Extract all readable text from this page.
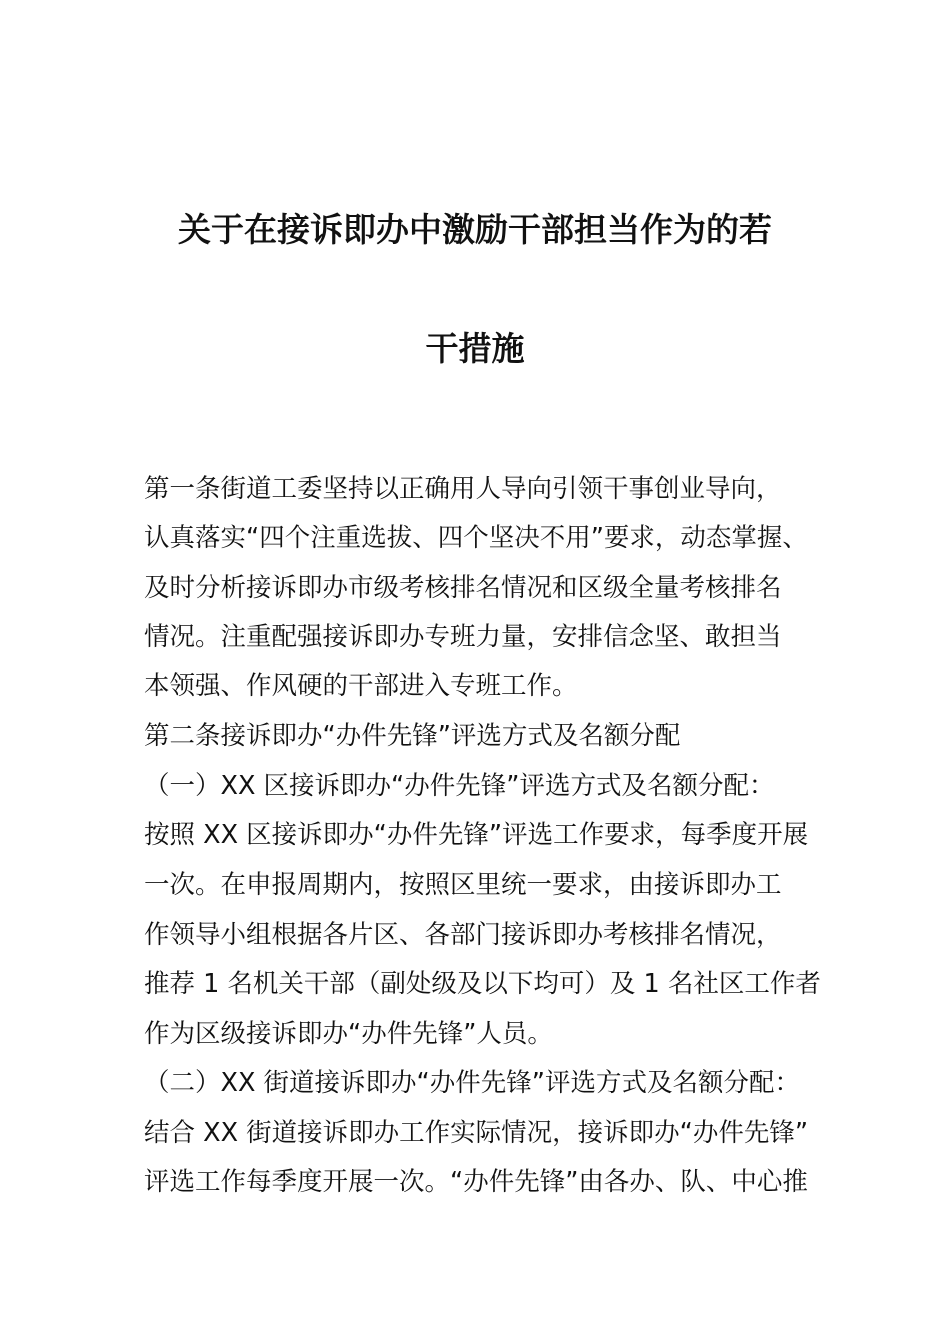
关于在接诉即办中激励干部担当作为的若
干措施
第一条街道工委坚持以正确用人导向引领干事创业导向，
认真落实“四个注重选拔、四个坚决不用”要求，动态掌握、
及时分析接诉即办市级考核排名情况和区级全量考核排名
情况。注重配强接诉即办专班力量，安排信念坚、敢担当
本领强、作风硬的干部进入专班工作。
第二条接诉即办“办件先锋”评选方式及名额分配
（一）XX 区接诉即办“办件先锋”评选方式及名额分配：
按照 XX 区接诉即办“办件先锋”评选工作要求，每季度开展
一次。在申报周期内，按照区里统一要求，由接诉即办工
作领导小组根据各片区、各部门接诉即办考核排名情况，
推荐 1 名机关干部（副处级及以下均可）及 1 名社区工作者
作为区级接诉即办“办件先锋”人员。
（二）XX 街道接诉即办“办件先锋”评选方式及名额分配：
结合 XX 街道接诉即办工作实际情况，接诉即办“办件先锋”
评选工作每季度开展一次。“办件先锋”由各办、队、中心推
